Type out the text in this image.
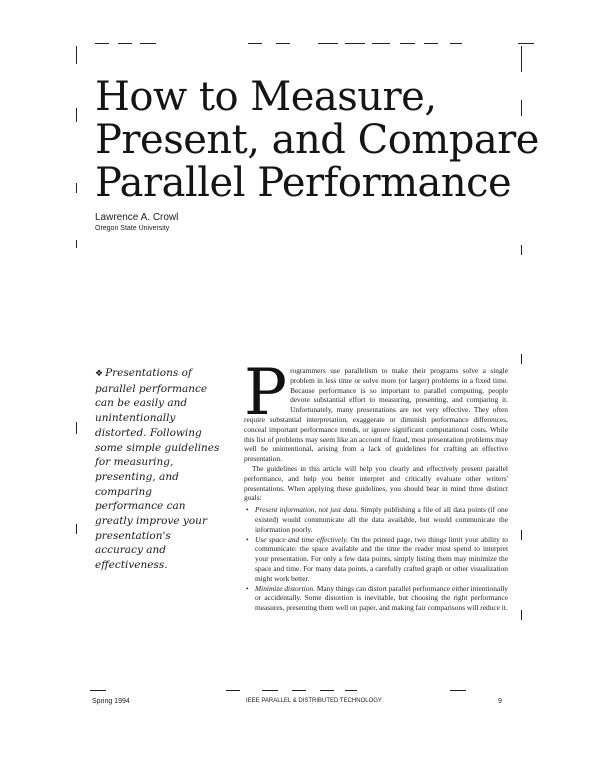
How to Measure,
Present, and Compare
Parallel Performance

Lawrence A. Crowl

Oregon State University

❖ Presentations of parallel performance can be easily and unintentionally distorted. Following some simple guidelines for measuring, presenting, and comparing performance can greatly improve your presentation's accuracy and effectiveness.

Programmers use parallelism to make their programs solve a single problem in less time or solve more (or larger) problems in a fixed time. Because performance is so important to parallel computing, people devote substantial effort to measuring, presenting, and comparing it. Unfortunately, many presentations are not very effective. They often require substantial interpretation, exaggerate or diminish performance differences, conceal important performance trends, or ignore significant computational costs. While this list of problems may seem like an account of fraud, most presentation problems may well be unintentional, arising from a lack of guidelines for crafting an effective presentation.

The guidelines in this article will help you clearly and effectively present parallel performance, and help you better interpret and critically evaluate other writers' presentations. When applying these guidelines, you should bear in mind three distinct goals:

• Present information, not just data. Simply publishing a file of all data points (if one existed) would communicate all the data available, but would communicate the information poorly.
• Use space and time effectively. On the printed page, two things limit your ability to communicate: the space available and the time the reader must spend to interpret your presentation. For only a few data points, simply listing them may minimize the space and time. For many data points, a carefully crafted graph or other visualization might work better.
• Minimize distortion. Many things can distort parallel performance either intentionally or accidentally. Some distortion is inevitable, but choosing the right performance measures, presenting them well on paper, and making fair comparisons will reduce it.

Spring 1994	IEEE PARALLEL & DISTRIBUTED TECHNOLOGY	9
